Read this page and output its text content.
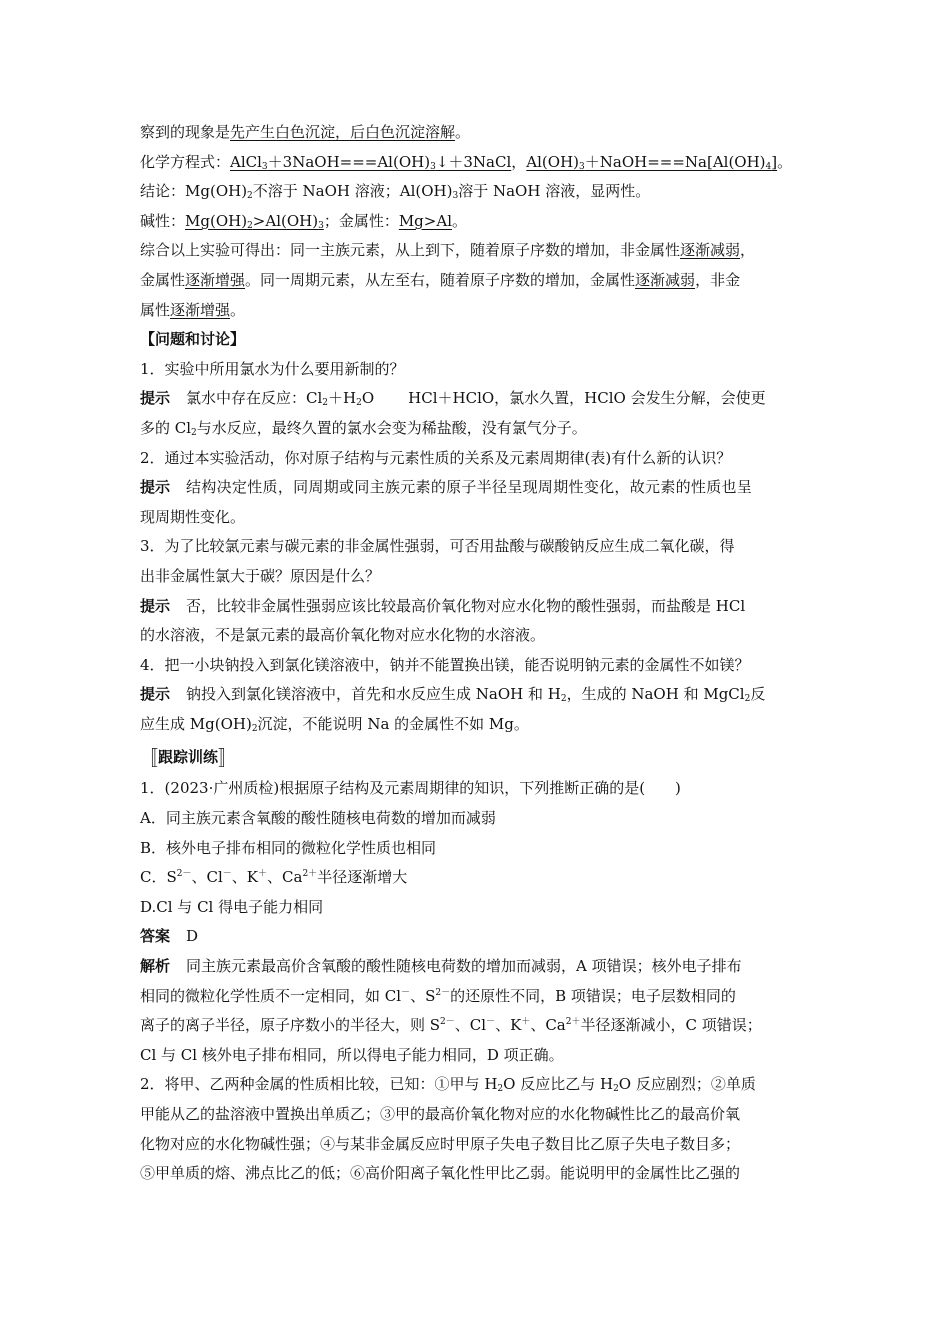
察到的现象是先产生白色沉淀，后白色沉淀溶解。
化学方程式：$AlCl_3+3NaOH===Al(OH)_3↓+3NaCl$，$Al(OH)_3+NaOH===Na[Al(OH)_4]$。
结论：$Mg(OH)_2$不溶于 NaOH 溶液；$Al(OH)_3$溶于 NaOH 溶液，显两性。
碱性：$Mg(OH)_2>Al(OH)_3$；金属性：Mg>Al。
综合以上实验可得出：同一主族元素，从上到下，随着原子序数的增加，非金属性逐渐减弱，
金属性逐渐增强。同一周期元素，从左至右，随着原子序数的增加，金属性逐渐减弱，非金
属性逐渐增强。
【问题和讨论】
1．实验中所用氯水为什么要用新制的？
提示 氯水中存在反应：$Cl_2+H_2O$ HCl＋HClO，氯水久置，HClO 会发生分解，会使更
多的 $Cl_2$与水反应，最终久置的氯水会变为稀盐酸，没有氯气分子。
2．通过本实验活动，你对原子结构与元素性质的关系及元素周期律(表)有什么新的认识？
提示 结构决定性质，同周期或同主族元素的原子半径呈现周期性变化，故元素的性质也呈
现周期性变化。
3．为了比较氯元素与碳元素的非金属性强弱，可否用盐酸与碳酸钠反应生成二氧化碳，得
出非金属性氯大于碳？原因是什么？
提示 否，比较非金属性强弱应该比较最高价氧化物对应水化物的酸性强弱，而盐酸是 HCl
的水溶液，不是氯元素的最高价氧化物对应水化物的水溶液。
4．把一小块钠投入到氯化镁溶液中，钠并不能置换出镁，能否说明钠元素的金属性不如镁？
提示 钠投入到氯化镁溶液中，首先和水反应生成 NaOH 和 $H_2$，生成的 NaOH 和 MgCl$_2$反
应生成 $Mg(OH)_2$沉淀，不能说明 Na 的金属性不如 Mg。
〚 跟踪训练 〛
1．(2023·广州质检)根据原子结构及元素周期律的知识，下列推断正确的是(　　)
A．同主族元素含氧酸的酸性随核电荷数的增加而减弱
B．核外电子排布相同的微粒化学性质也相同
C．$S^{2-}$、Cl－、K＋、$Ca^{2+}$半径逐渐增大
D.Cl 与 Cl 得电子能力相同
答案 D
解析 同主族元素最高价含氧酸的酸性随核电荷数的增加而减弱，A 项错误；核外电子排布
相同的微粒化学性质不一定相同，如 Cl－、$S^{2-}$的还原性不同，B 项错误；电子层数相同的
离子的离子半径，原子序数小的半径大，则 $S^{2-}$、Cl－、K＋、$Ca^{2+}$半径逐渐减小，C 项错误；
Cl 与 Cl 核外电子排布相同，所以得电子能力相同，D 项正确。
2．将甲、乙两种金属的性质相比较，已知：①甲与 $H_2O$ 反应比乙与 $H_2O$ 反应剧烈；②单质
甲能从乙的盐溶液中置换出单质乙；③甲的最高价氧化物对应的水化物碱性比乙的最高价氧
化物对应的水化物碱性强；④与某非金属反应时甲原子失电子数目比乙原子失电子数目多；
⑤甲单质的熔、沸点比乙的低；⑥高价阳离子氧化性甲比乙弱。能说明甲的金属性比乙强的
